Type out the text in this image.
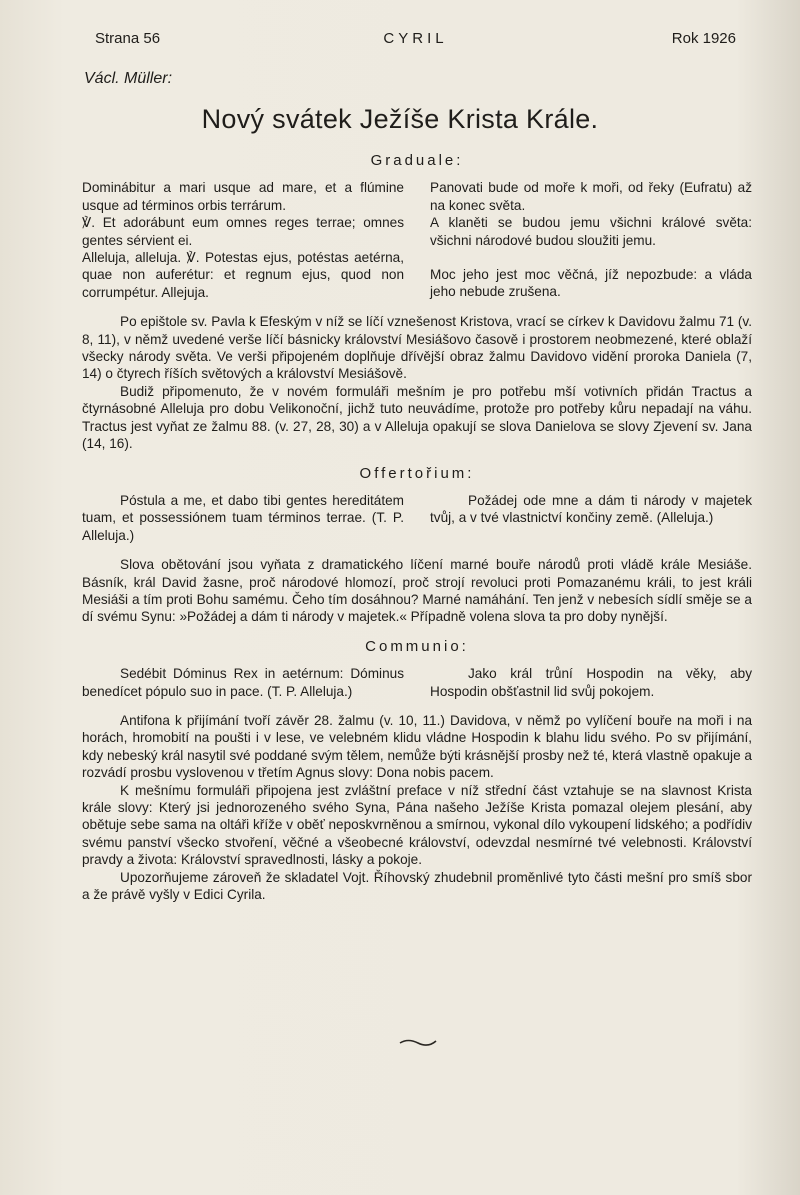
Strana 56	CYRIL	Rok 1926
Václ. Müller:
Nový svátek Ježíše Krista Krále.
Graduale:

Dominábitur a mari usque ad mare, et a flúmine usque ad términos orbis terrárum.

℣. Et adorábunt eum omnes reges terrae; omnes gentes sérvient ei.

Alleluja, alleluja. ℣. Potestas ejus, potéstas aetérna, quae non auferétur: et regnum ejus, quod non corrumpétur. Allejuja.

Panovati bude od moře k moři, od řeky (Eufratu) až na konec světa.

A klaněti se budou jemu všichni králové světa: všichni národové budou sloužiti jemu.

Moc jeho jest moc věčná, jíž nepozbude: a vláda jeho nebude zrušena.

Po epištole sv. Pavla k Efeským v níž se líčí vznešenost Kristova, vrací se církev k Davidovu žalmu 71 (v. 8, 11), v němž uvedené verše líčí básnicky království Mesiášovo časově i prostorem neobmezené, které oblaží všecky národy světa. Ve verši připojeném doplňuje dřívější obraz žalmu Davidovo vidění proroka Daniela (7, 14) o čtyrech říších světových a království Mesiášově.

Budiž připomenuto, že v novém formuláři mešním je pro potřebu mší votivních přidán Tractus a čtyrnásobné Alleluja pro dobu Velikonoční, jichž tuto neuvádíme, protože pro potřeby kůru nepadají na váhu. Tractus jest vyňat ze žalmu 88. (v. 27, 28, 30) a v Alleluja opakují se slova Danielova se slovy Zjevení sv. Jana (14, 16).

Offertořium:

Póstula a me, et dabo tibi gentes hereditátem tuam, et possessiónem tuam términos terrae. (T. P. Alleluja.)

Požádej ode mne a dám ti národy v majetek tvůj, a v tvé vlastnictví končiny země. (Alleluja.)

Slova obětování jsou vyňata z dramatického líčení marné bouře národů proti vládě krále Mesiáše. Básník, král David žasne, proč národové hlomozí, proč strojí revoluci proti Pomazanému králi, to jest králi Mesiáši a tím proti Bohu samému. Čeho tím dosáhnou? Marné namáhání. Ten jenž v nebesích sídlí směje se a dí svému Synu: »Požádej a dám ti národy v majetek.« Případně volena slova ta pro doby nynější.

Communio:

Sedébit Dóminus Rex in aetérnum: Dóminus benedícet pópulo suo in pace. (T. P. Alleluja.)

Jako král trůní Hospodin na věky, aby Hospodin obšťastnil lid svůj pokojem.

Antifona k přijímání tvoří závěr 28. žalmu (v. 10, 11.) Davidova, v němž po vylíčení bouře na moři i na horách, hromobití na poušti i v lese, ve velebném klidu vládne Hospodin k blahu lidu svého. Po sv přijímání, kdy nebeský král nasytil své poddané svým tělem, nemůže býti krásnější prosby než té, která vlastně opakuje a rozvádí prosbu vyslovenou v třetím Agnus slovy: Dona nobis pacem.

K mešnímu formuláři připojena jest zvláštní preface v níž střední část vztahuje se na slavnost Krista krále slovy: Který jsi jednorozeného svého Syna, Pána našeho Ježíše Krista pomazal olejem plesání, aby obětuje sebe sama na oltáři kříže v oběť neposkvrněnou a smírnou, vykonal dílo vykoupení lidského; a podřídiv svému panství všecko stvoření, věčné a všeobecné království, odevzdal nesmírné tvé velebnosti. Království pravdy a života: Království spravedlnosti, lásky a pokoje.

Upozorňujeme zároveň že skladatel Vojt. Říhovský zhudebnil proměnlivé tyto části mešní pro smíš sbor a že právě vyšly v Edici Cyrila.
